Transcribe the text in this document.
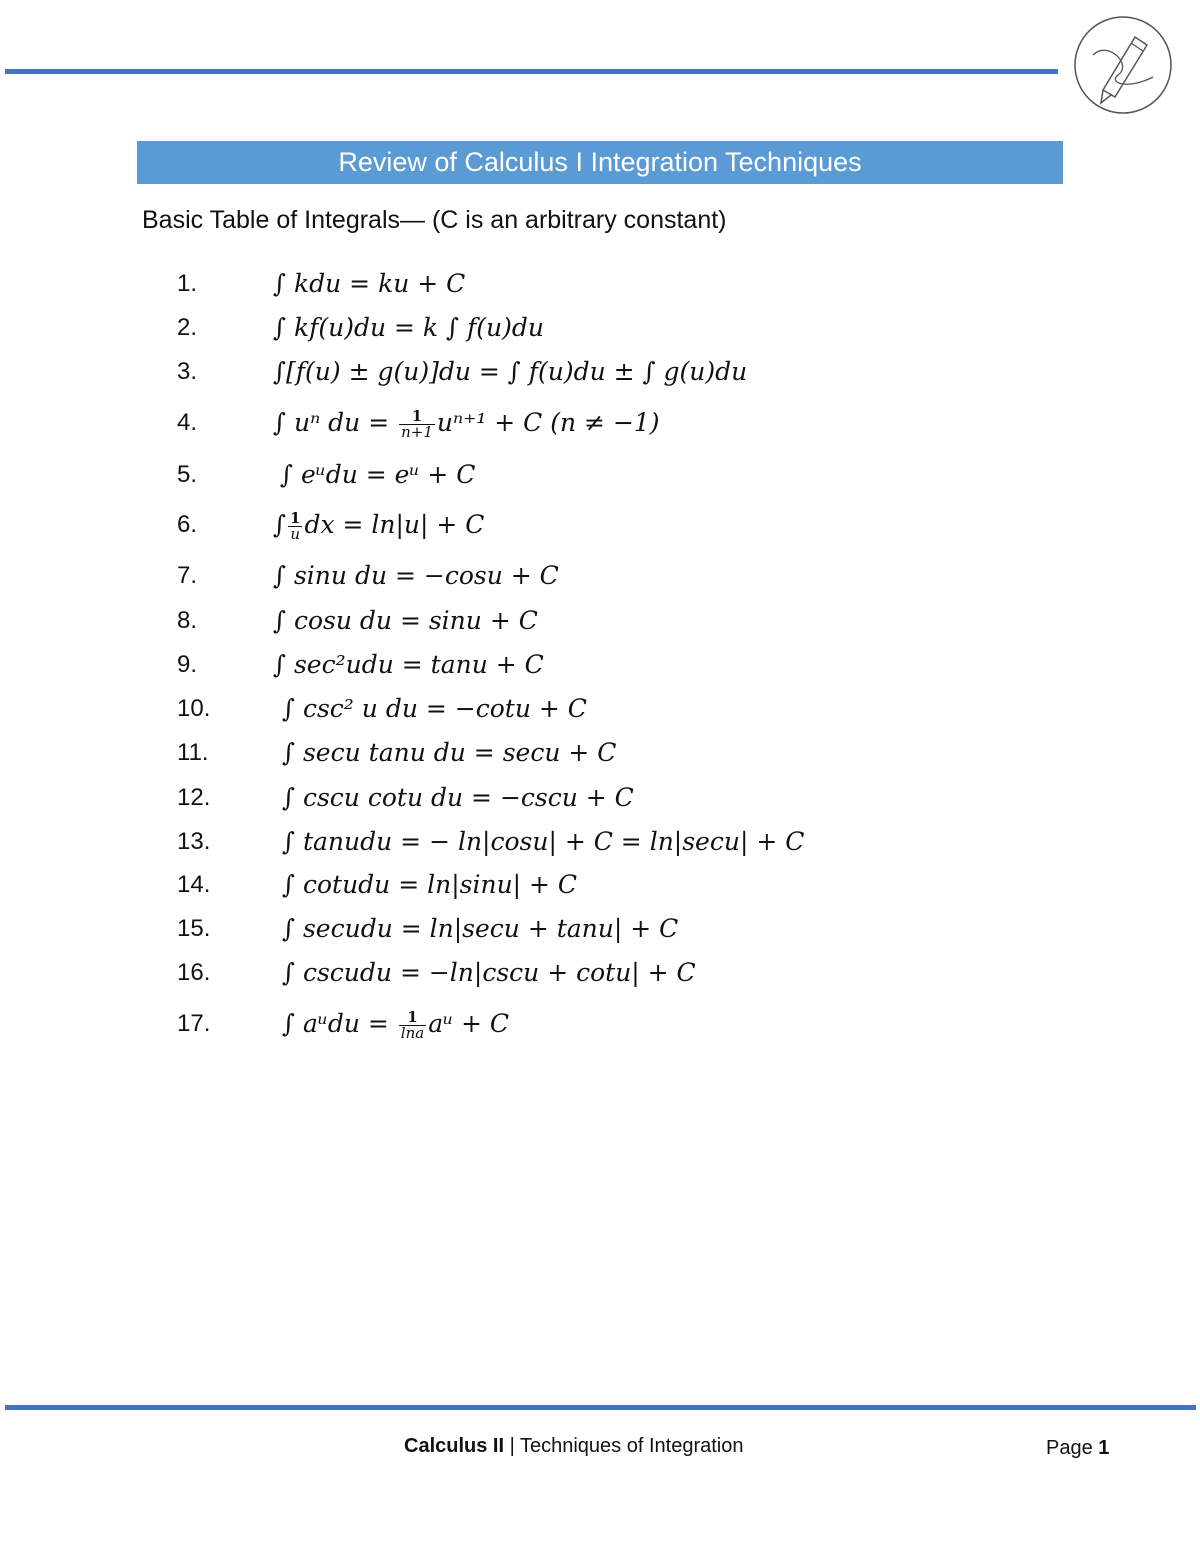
Review of Calculus I Integration Techniques
Basic Table of Integrals— (C is an arbitrary constant)
1.	∫ kdu = ku + C
2.	∫ kf(u)du = k ∫ f(u)du
3.	∫[f(u) ± g(u)]du = ∫ f(u)du ± ∫ g(u)du
4.	∫ uⁿ du = $\frac{1}{n+1} u^{n+1} + C$ (n ≠ −1)
5.	∫ eᵘdu = eᵘ + C
6.	∫ $\frac{1}{u}$ dx = ln|u| + C
7.	∫ sinu du = −cosu + C
8.	∫ cosu du = sinu + C
9.	∫ sec²udu = tanu + C
10.	∫ csc² u du = −cotu + C
11.	∫ secu tanu du = secu + C
12.	∫ cscu cotu du = −cscu + C
13.	∫ tanudu = − ln|cosu| + C = ln|secu| + C
14.	∫ cotudu = ln|sinu| + C
15.	∫ secudu = ln|secu + tanu| + C
16.	∫ cscudu = −ln|cscu + cotu| + C
17.	∫ aᵘdu = $\frac{1}{\ln a}$ aᵘ + C
Calculus II | Techniques of Integration	Page 1
